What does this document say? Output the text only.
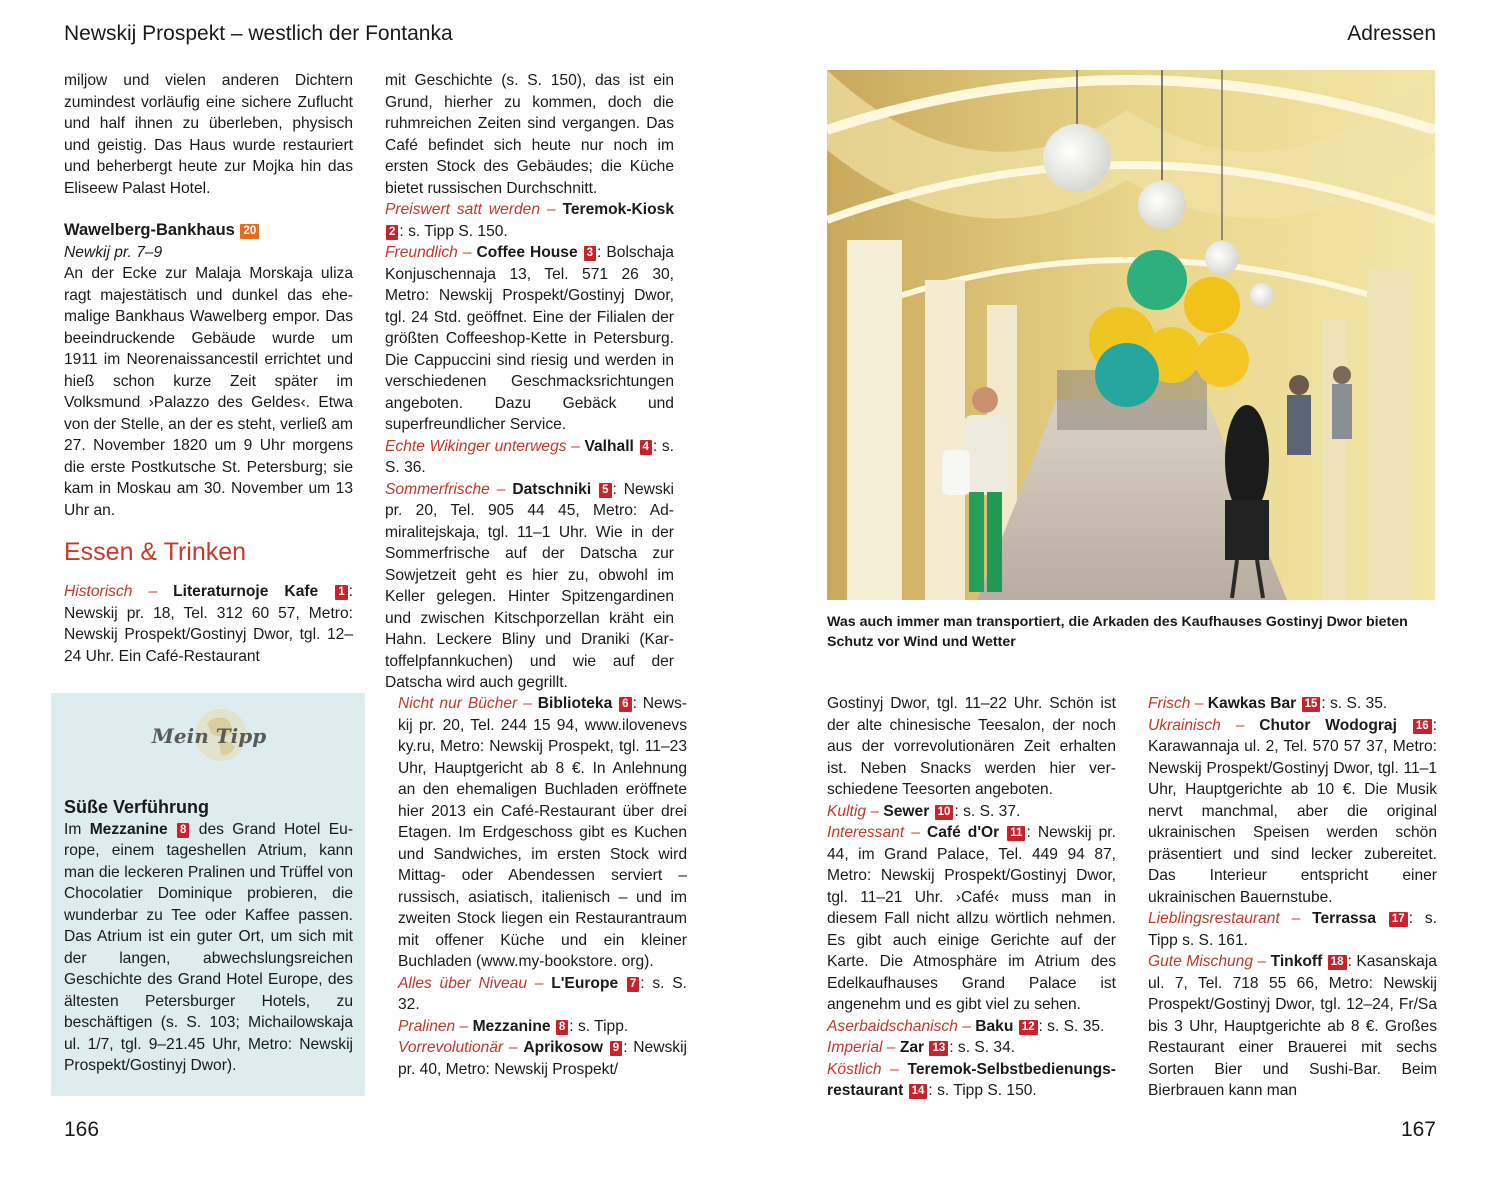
Newskij Prospekt – westlich der Fontanka

miljow und vielen anderen Dichtern zumindest vorläufig eine sichere Zuflucht und half ihnen zu überleben, physisch und geistig. Das Haus wurde restauriert und beherbergt heute zur Mojka hin das Eliseew Palast Hotel.

Wawelberg-Bankhaus 20

Newkij pr. 7–9

An der Ecke zur Malaja Morskaja uliza ragt majestätisch und dunkel das ehemalige Bankhaus Wawelberg empor. Das beeindruckende Gebäude wurde um 1911 im Neorenaissancestil errichtet und hieß schon kurze Zeit später im Volksmund ›Palazzo des Geldes‹. Etwa von der Stelle, an der es steht, verließ am 27. November 1820 um 9 Uhr morgens die erste Postkutsche St. Petersburg; sie kam in Moskau am 30. November um 13 Uhr an.

Essen & Trinken

Historisch – Literaturnoje Kafe 1 : Newskij pr. 18, Tel. 312 60 57, Metro: Newskij Prospekt/Gostinyj Dwor, tgl. 12–24 Uhr. Ein Café-Restaurant

mit Geschichte (s. S. 150), das ist ein Grund, hierher zu kommen, doch die ruhmreichen Zeiten sind vergangen. Das Café befindet sich heute nur noch im ersten Stock des Gebäudes; die Küche bietet russischen Durchschnitt.

Preiswert satt werden – Teremok-Kiosk 2 : s. Tipp S. 150.

Freundlich – Coffee House 3 : Bolschaja Konjuschennaja 13, Tel. 571 26 30, Metro: Newskij Prospekt/Gostinyj Dwor, tgl. 24 Std. geöffnet. Eine der Filialen der größten Coffeeshop-Kette in Petersburg. Die Cappuccini sind riesig und werden in verschiedenen Geschmacksrichtungen angeboten. Dazu Gebäck und superfreundlicher Service.

Echte Wikinger unterwegs – Valhall 4 : s. S. 36.

Sommerfrische – Datschniki 5 : Newski pr. 20, Tel. 905 44 45, Metro: Admiralitejskaja, tgl. 11–1 Uhr. Wie in der Sommerfrische auf der Datscha zur Sowjetzeit geht es hier zu, obwohl im Keller gelegen. Hinter Spitzengardinen und zwischen Kitschporzellan kräht ein Hahn. Leckere Bliny und Draniki (Kartoffelpfannkuchen) und wie auf der Datscha wird auch gegrillt.

Mein Tipp

Süße Verführung

Im Mezzanine 8 des Grand Hotel Europe, einem tageshellen Atrium, kann man die leckeren Pralinen und Trüffel von Chocolatier Dominique probieren, die wunderbar zu Tee oder Kaffee passen. Das Atrium ist ein guter Ort, um sich mit der langen, abwechslungsreichen Geschichte des Grand Hotel Europe, des ältesten Petersburger Hotels, zu beschäftigen (s. S. 103; Michailowskaja ul. 1/7, tgl. 9–21.45 Uhr, Metro: Newskij Prospekt/Gostinyj Dwor).

Nicht nur Bücher – Biblioteka 6 : Newskij pr. 20, Tel. 244 15 94, www.ilovenevs ky.ru, Metro: Newskij Prospekt, tgl. 11–23 Uhr, Hauptgericht ab 8 €. In Anlehnung an den ehemaligen Buchladen eröffnete hier 2013 ein Café-Restaurant über drei Etagen. Im Erdgeschoss gibt es Kuchen und Sandwiches, im ersten Stock wird Mittag- oder Abendessen serviert – russisch, asiatisch, italienisch – und im zweiten Stock liegen ein Restaurantraum mit offener Küche und ein kleiner Buchladen (www.my-bookstore. org).

Alles über Niveau – L'Europe 7 : s. S. 32.

Pralinen – Mezzanine 8 : s. Tipp.

Vorrevolutionär – Aprikosow 9 : Newskij pr. 40, Metro: Newskij Prospekt/

166
Adressen
Was auch immer man transportiert, die Arkaden des Kaufhauses Gostinyj Dwor bieten Schutz vor Wind und Wetter

Gostinyj Dwor, tgl. 11–22 Uhr. Schön ist der alte chinesische Teesalon, der noch aus der vorrevolutionären Zeit erhalten ist. Neben Snacks werden hier verschiedene Teesorten angeboten.

Kultig – Sewer 10 : s. S. 37.

Interessant – Café d'Or 11 : Newskij pr. 44, im Grand Palace, Tel. 449 94 87, Metro: Newskij Prospekt/Gostinyj Dwor, tgl. 11–21 Uhr. ›Café‹ muss man in diesem Fall nicht allzu wörtlich nehmen. Es gibt auch einige Gerichte auf der Karte. Die Atmosphäre im Atrium des Edelkaufhauses Grand Palace ist angenehm und es gibt viel zu sehen.

Aserbaidschanisch – Baku 12 : s. S. 35.

Imperial – Zar 13 : s. S. 34.

Köstlich – Teremok-Selbstbedienungsrestaurant 14 : s. Tipp S. 150.

Frisch – Kawkas Bar 15 : s. S. 35.

Ukrainisch – Chutor Wodograj 16 : Karawannaja ul. 2, Tel. 570 57 37, Metro: Newskij Prospekt/Gostinyj Dwor, tgl. 11–1 Uhr, Hauptgerichte ab 10 €. Die Musik nervt manchmal, aber die original ukrainischen Speisen werden schön präsentiert und sind lecker zubereitet. Das Interieur entspricht einer ukrainischen Bauernstube.

Lieblingsrestaurant – Terrassa 17 : s. Tipp s. S. 161.

Gute Mischung – Tinkoff 18 : Kasanskaja ul. 7, Tel. 718 55 66, Metro: Newskij Prospekt/Gostinyj Dwor, tgl. 12–24, Fr/Sa bis 3 Uhr, Hauptgerichte ab 8 €. Großes Restaurant einer Brauerei mit sechs Sorten Bier und Sushi-Bar. Beim Bierbrauen kann man

167
